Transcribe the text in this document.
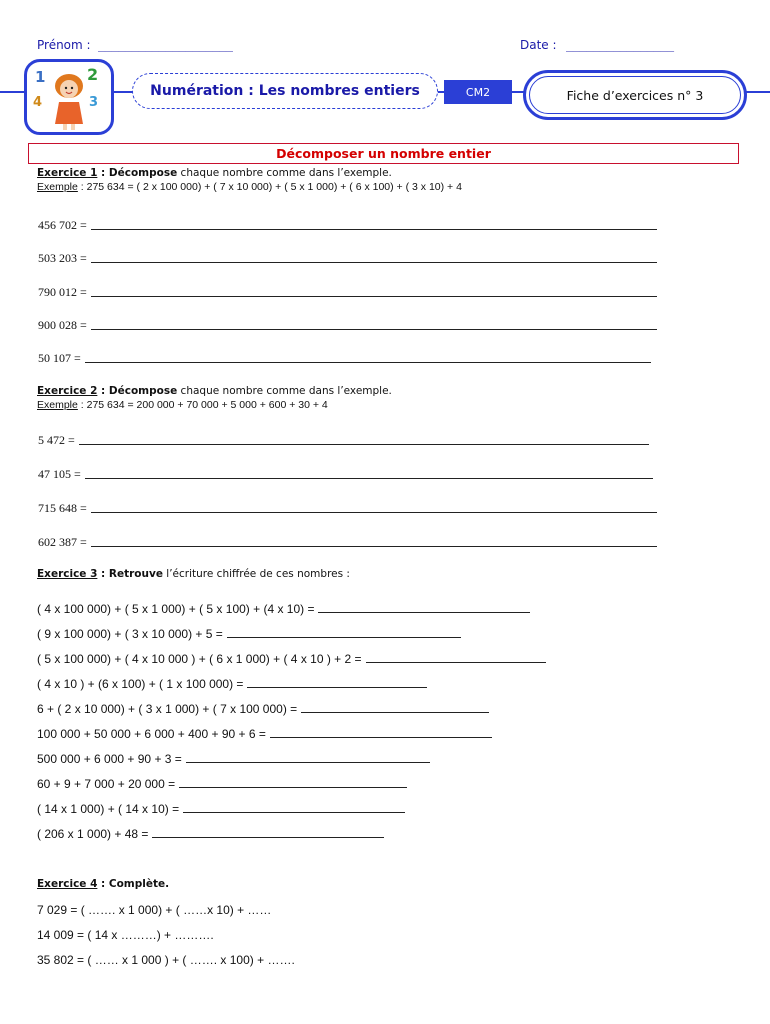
Prénom : ____________________	Date : ________________
1	2
3
4
Numération : Les nombres entiers	CM2	Fiche d’exercices n° 3
Décomposer un nombre entier
Exercice 1 : Décompose chaque nombre comme dans l’exemple.
Exemple : 275 634 = ( 2 x 100 000) + ( 7 x 10 000) + ( 5 x 1 000) + ( 6 x 100) + ( 3 x 10) + 4
456 702 =
503 203 =
790 012 =
900 028 =
50 107 =
Exercice 2 : Décompose chaque nombre comme dans l’exemple.
Exemple : 275 634 = 200 000 + 70 000 + 5 000 + 600 + 30 + 4
5 472 =
47 105 =
715 648 =
602 387 =
Exercice 3 : Retrouve l’écriture chiffrée de ces nombres :
( 4 x 100 000) + ( 5 x 1 000) + ( 5 x 100) + (4 x 10) =
( 9 x 100 000) + ( 3 x 10 000) + 5 =
( 5 x 100 000) + ( 4 x 10 000 ) + ( 6 x 1 000) + ( 4 x 10 ) + 2 =
( 4 x 10 ) + (6 x 100) + ( 1 x 100 000) =
6 + ( 2 x 10 000) + ( 3 x 1 000) + ( 7 x 100 000) =
100 000 + 50 000 + 6 000 + 400 + 90 + 6 =
500 000 + 6 000 + 90 + 3 =
60 + 9 + 7 000 + 20 000 =
( 14 x 1 000) + ( 14 x 10) =
( 206 x 1 000) + 48 =
Exercice 4 : Complète.
7 029 = ( ……. x 1 000) + ( ……x 10) + ……
14 009 = ( 14 x ………) + ……….
35 802 = ( …… x 1 000 ) + ( ……. x 100) + …….
